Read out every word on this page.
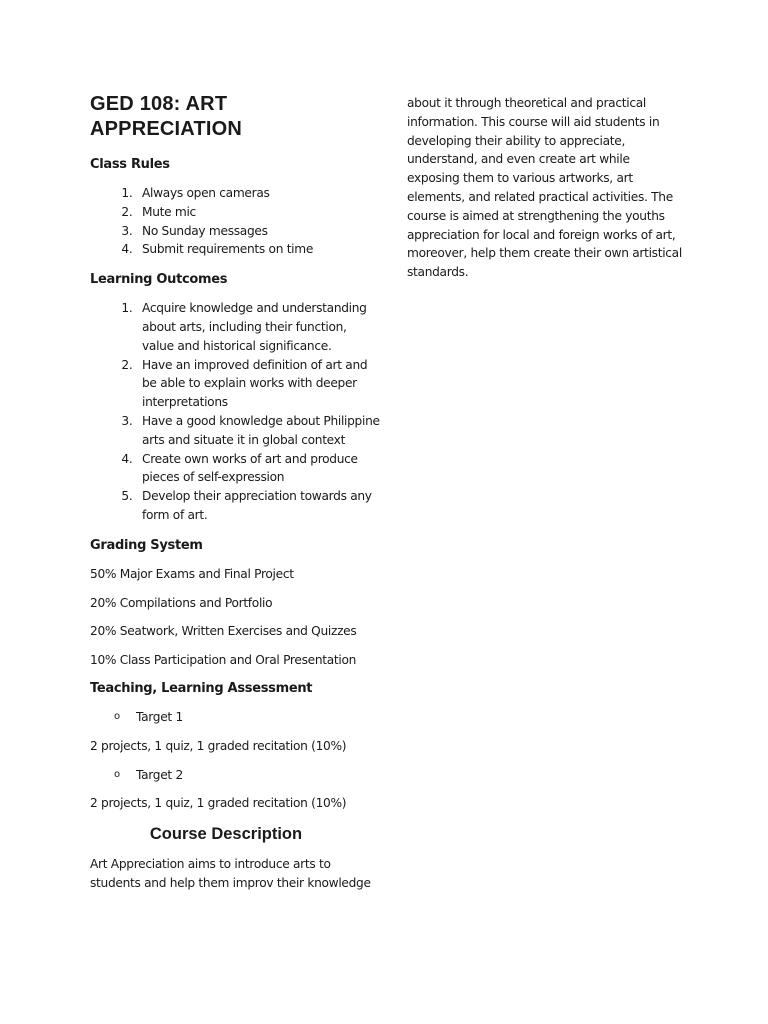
GED 108: ART APPRECIATION
Class Rules
1. Always open cameras
2. Mute mic
3. No Sunday messages
4. Submit requirements on time
Learning Outcomes
1. Acquire knowledge and understanding about arts, including their function, value and historical significance.
2. Have an improved definition of art and be able to explain works with deeper interpretations
3. Have a good knowledge about Philippine arts and situate it in global context
4. Create own works of art and produce pieces of self-expression
5. Develop their appreciation towards any form of art.
Grading System
50% Major Exams and Final Project
20% Compilations and Portfolio
20% Seatwork, Written Exercises and Quizzes
10% Class Participation and Oral Presentation
Teaching, Learning Assessment
o Target 1
2 projects, 1 quiz, 1 graded recitation (10%)
o Target 2
2 projects, 1 quiz, 1 graded recitation (10%)
Course Description
Art Appreciation aims to introduce arts to students and help them improv their knowledge

about it through theoretical and practical information. This course will aid students in developing their ability to appreciate, understand, and even create art while exposing them to various artworks, art elements, and related practical activities. The course is aimed at strengthening the youths appreciation for local and foreign works of art, moreover, help them create their own artistical standards.
